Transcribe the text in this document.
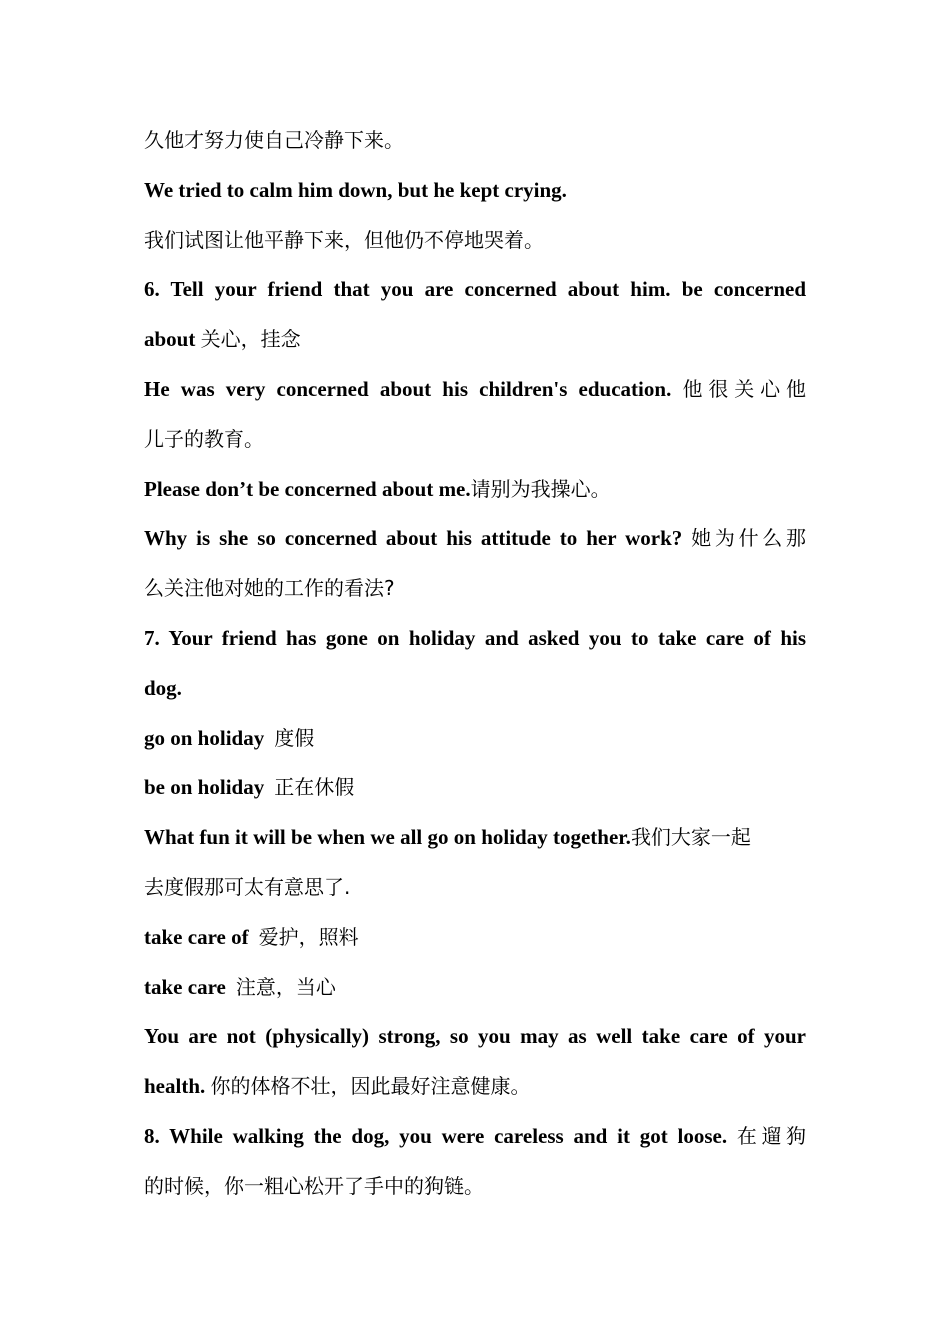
久他才努力使自己冷静下来。
We tried to calm him down, but he kept crying.
我们试图让他平静下来，但他仍不停地哭着。
6. Tell your friend that you are concerned about him. be concerned
about 关心，挂念
He was very concerned about his children's education. 他很关心他
儿子的教育。
Please don’t be concerned about me.请别为我操心。
Why is she so concerned about his attitude to her work? 她为什么那
么关注他对她的工作的看法?
7. Your friend has gone on holiday and asked you to take care of his
dog.
go on holiday 度假
be on holiday 正在休假
What fun it will be when we all go on holiday together.我们大家一起
去度假那可太有意思了.
take care of 爱护，照料
take care 注意，当心
You are not (physically) strong, so you may as well take care of your
health. 你的体格不壮，因此最好注意健康。
8. While walking the dog, you were careless and it got loose. 在遛狗
的时候，你一粗心松开了手中的狗链。
